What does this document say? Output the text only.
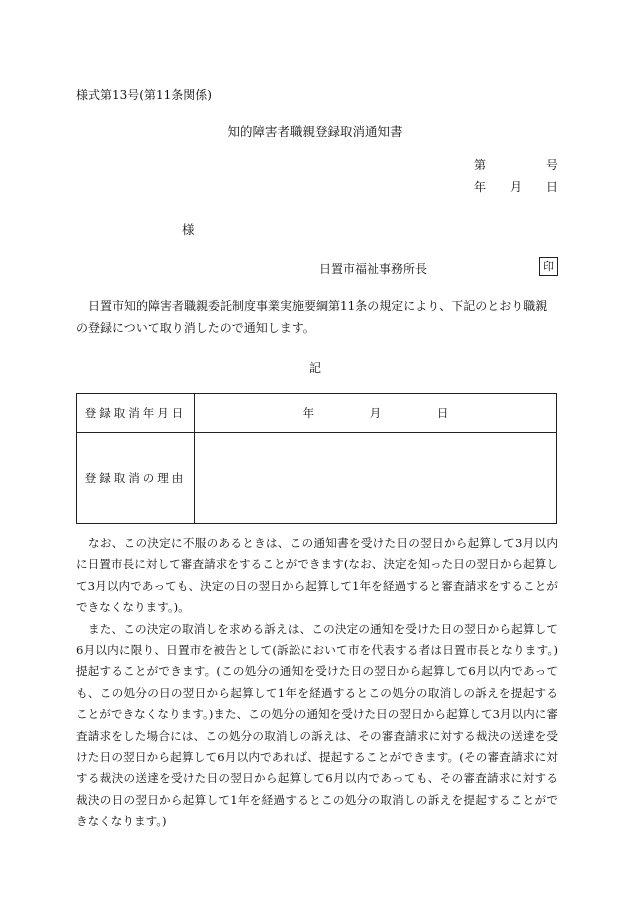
様式第13号(第11条関係)
知的障害者職親登録取消通知書
第	号
年 月 日
様
日置市福祉事務所長	印
日置市知的障害者職親委託制度事業実施要綱第11条の規定により、下記のとおり職親の登録について取り消したので通知します。
記
登録取消年月日	年 月 日
登録取消の理由	

なお、この決定に不服のあるときは、この通知書を受けた日の翌日から起算して3月以内に日置市長に対して審査請求をすることができます(なお、決定を知った日の翌日から起算して3月以内であっても、決定の日の翌日から起算して1年を経過すると審査請求をすることができなくなります。)。

また、この決定の取消しを求める訴えは、この決定の通知を受けた日の翌日から起算して6月以内に限り、日置市を被告として(訴訟において市を代表する者は日置市長となります。)提起することができます。(この処分の通知を受けた日の翌日から起算して6月以内であっても、この処分の日の翌日から起算して1年を経過するとこの処分の取消しの訴えを提起することができなくなります。)また、この処分の通知を受けた日の翌日から起算して3月以内に審査請求をした場合には、この処分の取消しの訴えは、その審査請求に対する裁決の送達を受けた日の翌日から起算して6月以内であれば、提起することができます。(その審査請求に対する裁決の送達を受けた日の翌日から起算して6月以内であっても、その審査請求に対する裁決の日の翌日から起算して1年を経過するとこの処分の取消しの訴えを提起することができなくなります。)
